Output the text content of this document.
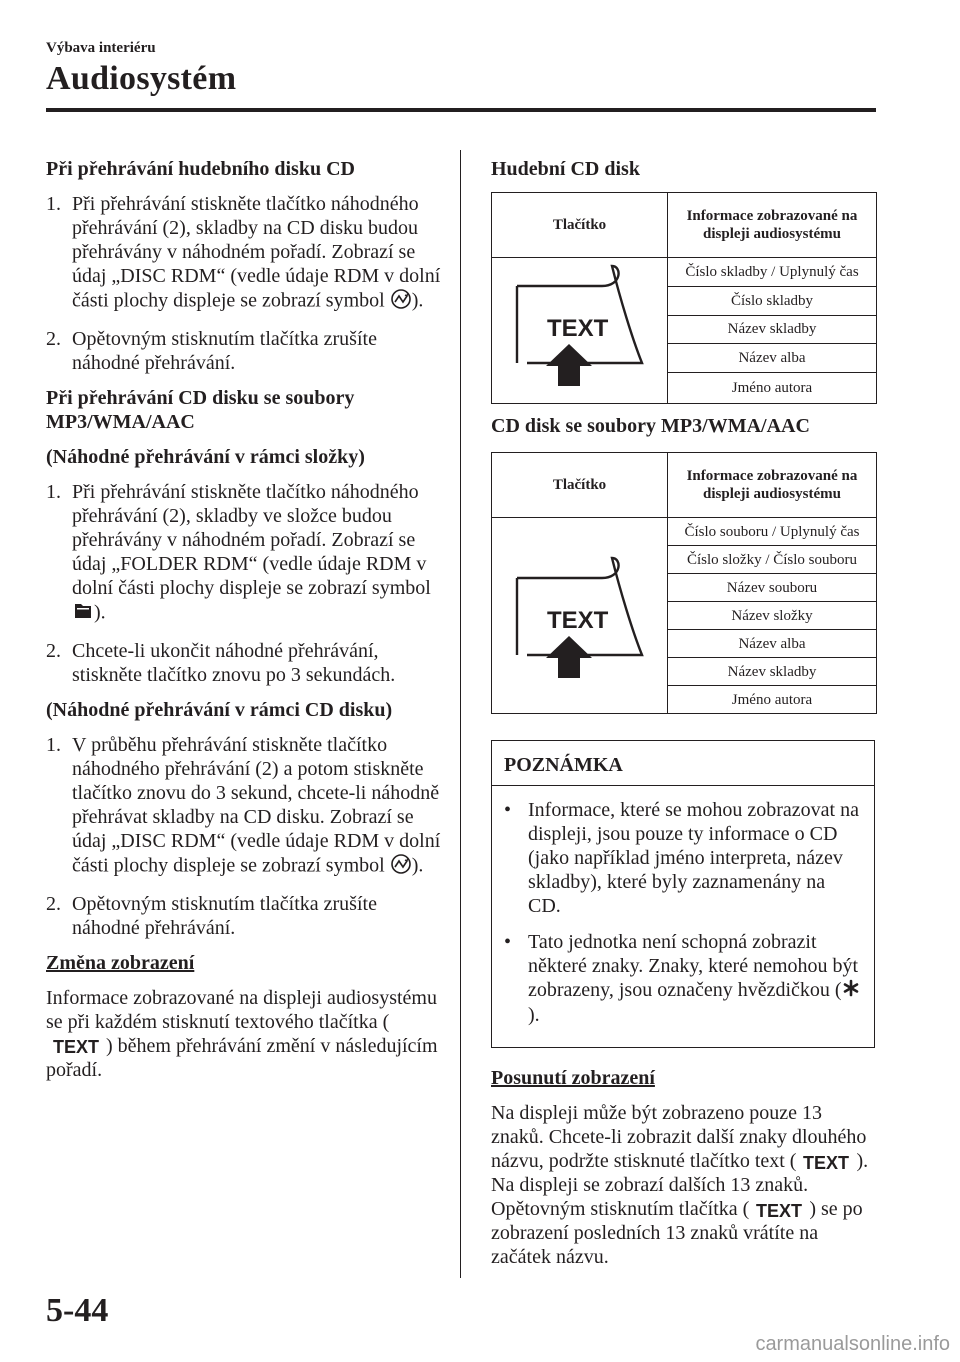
Výbava interiéru
Audiosystém
Při přehrávání hudebního disku CD
1. Při přehrávání stiskněte tlačítko náhodného přehrávání (2), skladby na CD disku budou přehrávány v náhodném pořadí. Zobrazí se údaj „DISC RDM“ (vedle údaje RDM v dolní části plochy displeje se zobrazí symbol ).
2. Opětovným stisknutím tlačítka zrušíte náhodné přehrávání.
Při přehrávání CD disku se soubory MP3/WMA/AAC
(Náhodné přehrávání v rámci složky)
1. Při přehrávání stiskněte tlačítko náhodného přehrávání (2), skladby ve složce budou přehrávány v náhodném pořadí. Zobrazí se údaj „FOLDER RDM“ (vedle údaje RDM v dolní části plochy displeje se zobrazí symbol ).
2. Chcete-li ukončit náhodné přehrávání, stiskněte tlačítko znovu po 3 sekundách.
(Náhodné přehrávání v rámci CD disku)
1. V průběhu přehrávání stiskněte tlačítko náhodného přehrávání (2) a potom stiskněte tlačítko znovu do 3 sekund, chcete-li náhodně přehrávat skladby na CD disku. Zobrazí se údaj „DISC RDM“ (vedle údaje RDM v dolní části plochy displeje se zobrazí symbol ).
2. Opětovným stisknutím tlačítka zrušíte náhodné přehrávání.
Změna zobrazení
Informace zobrazované na displeji audiosystému se při každém stisknutí textového tlačítka (
TEXT ) během přehrávání změní v následujícím pořadí.
Hudební CD disk
Tlačítko	Informace zobrazované na displeji audiosystému

TEXT	Číslo skladby / Uplynulý čas
	Číslo skladby
	Název skladby
	Název alba
	Jméno autora
CD disk se soubory MP3/WMA/AAC
Tlačítko	Informace zobrazované na displeji audiosystému

TEXT	Číslo souboru / Uplynulý čas
	Číslo složky / Číslo souboru
	Název souboru
	Název složky
	Název alba
	Název skladby
	Jméno autora
POZNÁMKA
• Informace, které se mohou zobrazovat na displeji, jsou pouze ty informace o CD (jako například jméno interpreta, název skladby), které byly zaznamenány na CD.
• Tato jednotka není schopná zobrazit některé znaky. Znaky, které nemohou být zobrazeny, jsou označeny hvězdičkou ().
Posunutí zobrazení
Na displeji může být zobrazeno pouze 13 znaků. Chcete-li zobrazit další znaky dlouhého názvu, podržte stisknuté tlačítko text ( TEXT ). Na displeji se zobrazí dalších 13 znaků. Opětovným stisknutím tlačítka ( TEXT ) se po zobrazení posledních 13 znaků vrátíte na začátek názvu.
5-44
carmanualsonline.info
